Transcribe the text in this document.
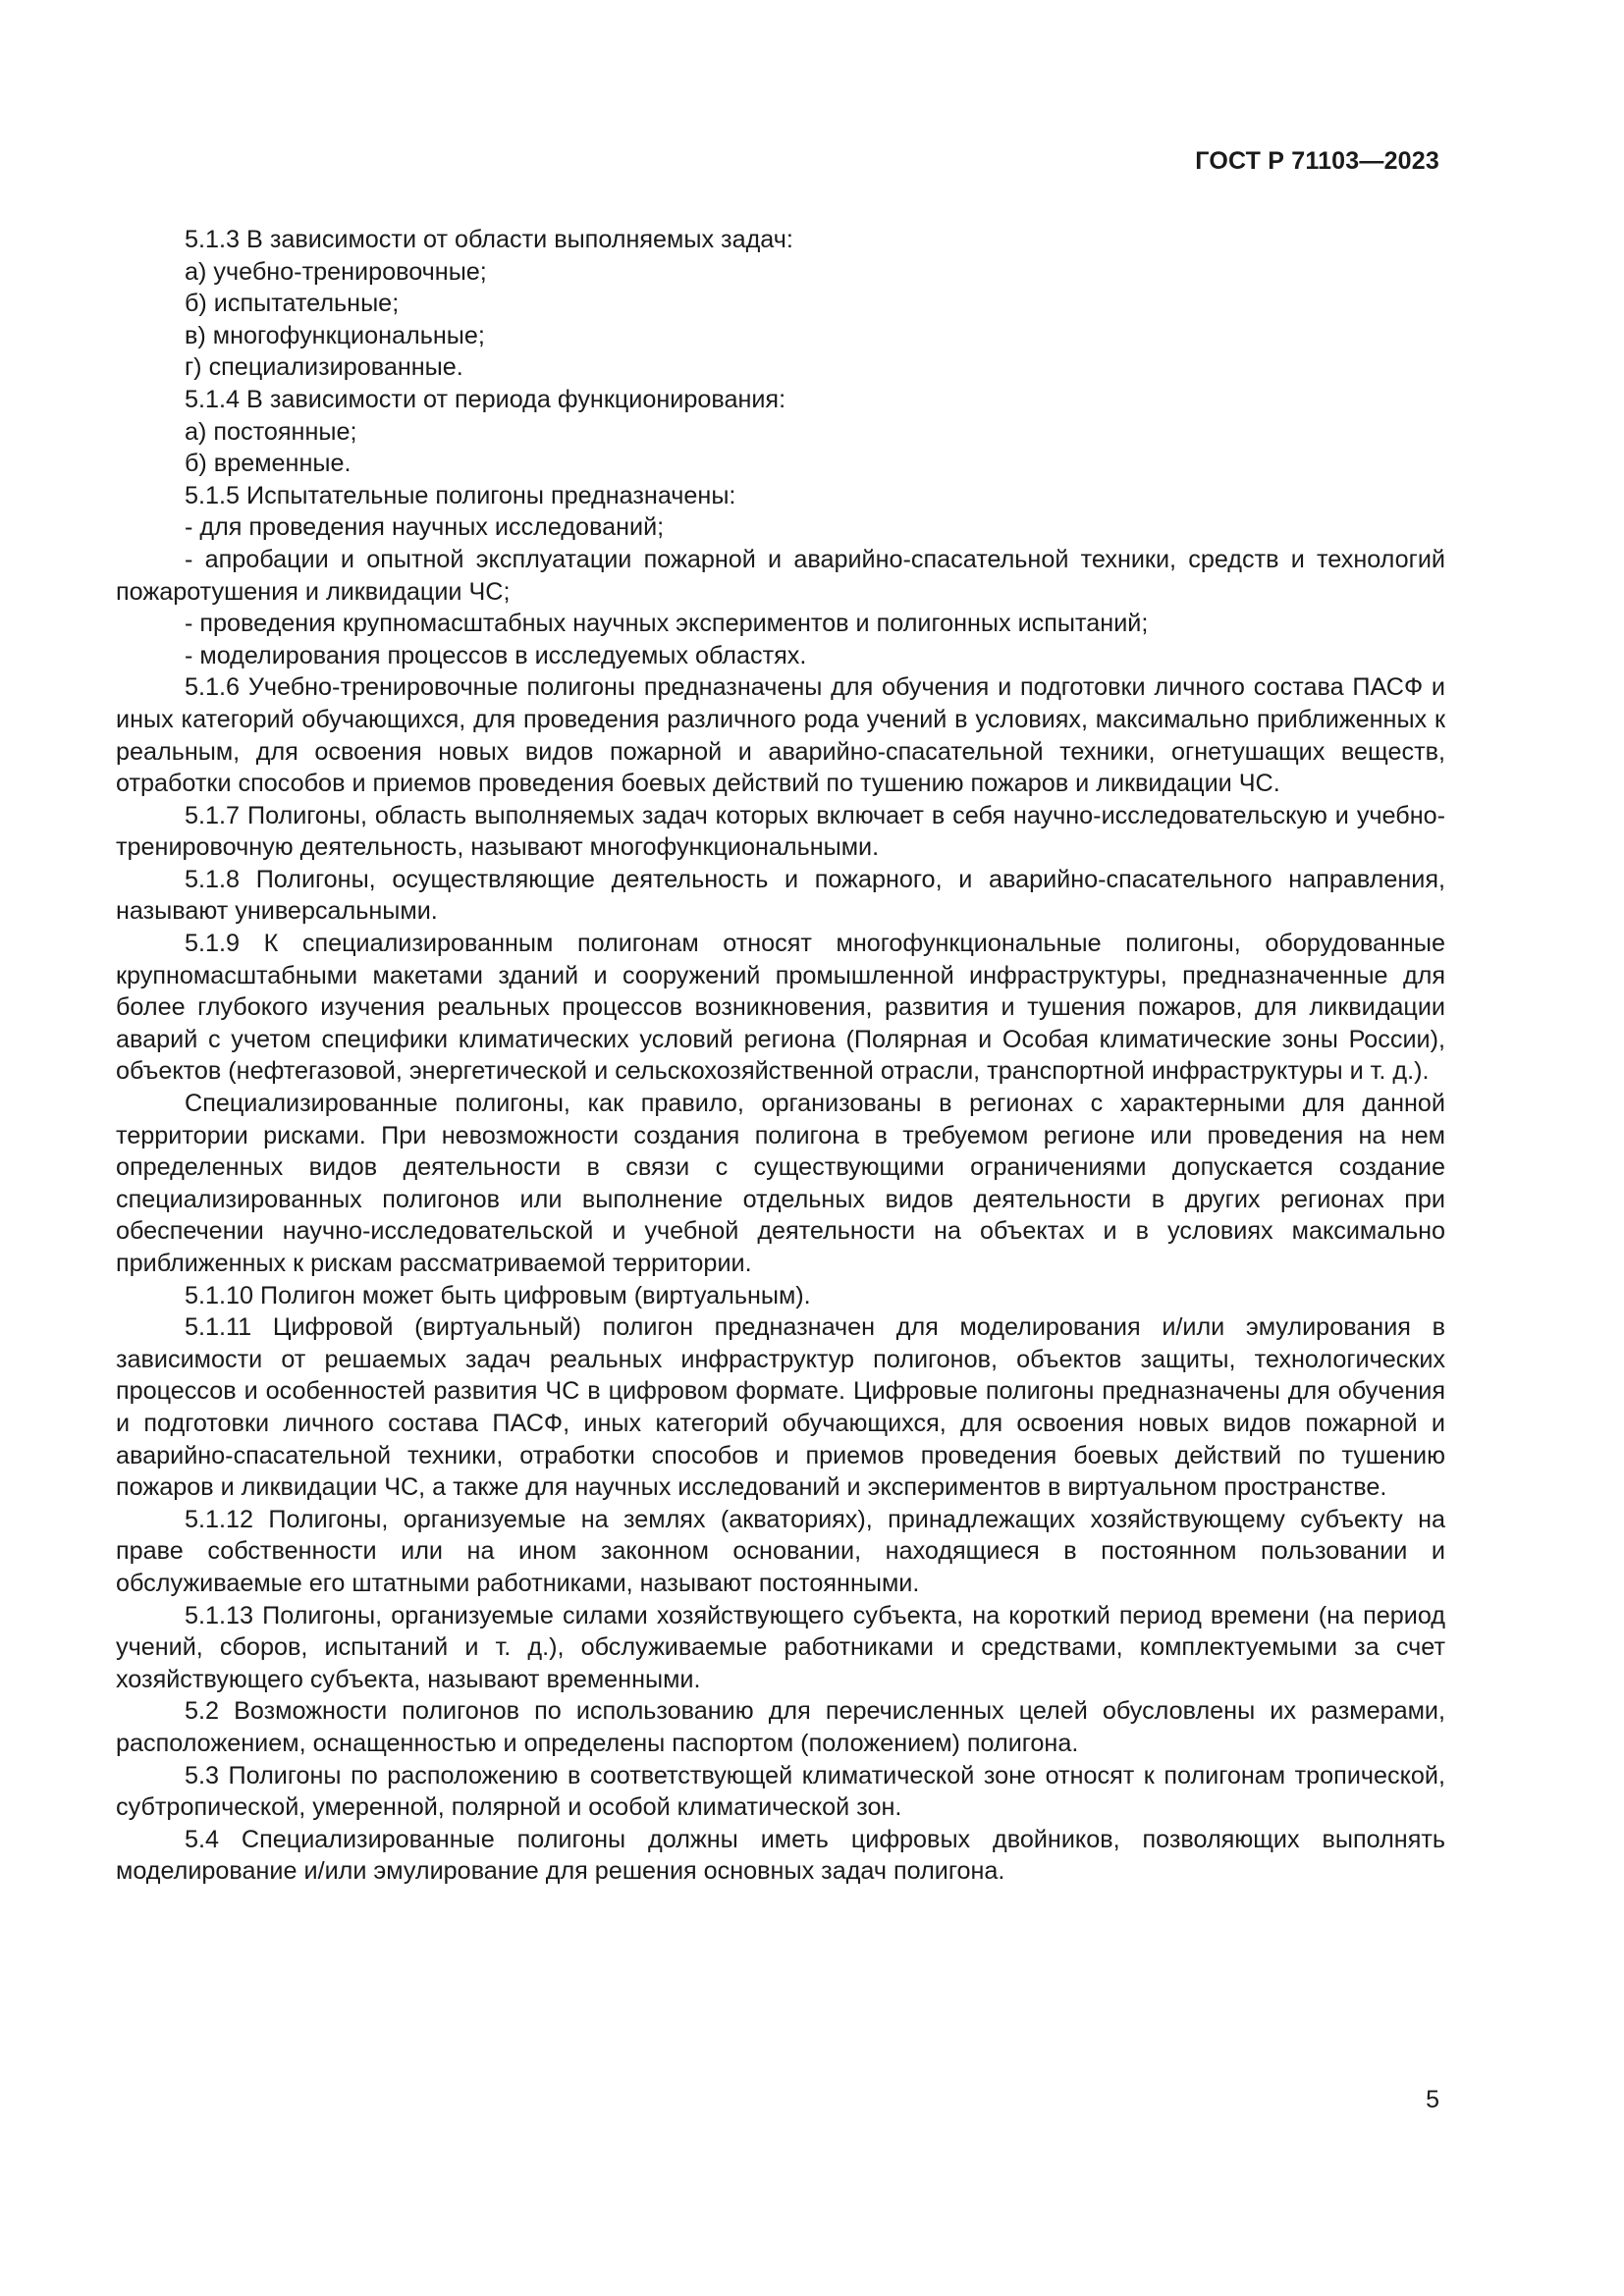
ГОСТ Р 71103—2023

5.1.3 В зависимости от области выполняемых задач:

а) учебно-тренировочные;

б) испытательные;

в) многофункциональные;

г) специализированные.

5.1.4 В зависимости от периода функционирования:

а) постоянные;

б) временные.

5.1.5 Испытательные полигоны предназначены:

- для проведения научных исследований;

- апробации и опытной эксплуатации пожарной и аварийно-спасательной техники, средств и технологий пожаротушения и ликвидации ЧС;

- проведения крупномасштабных научных экспериментов и полигонных испытаний;

- моделирования процессов в исследуемых областях.

5.1.6 Учебно-тренировочные полигоны предназначены для обучения и подготовки личного состава ПАСФ и иных категорий обучающихся, для проведения различного рода учений в условиях, максимально приближенных к реальным, для освоения новых видов пожарной и аварийно-спасательной техники, огнетушащих веществ, отработки способов и приемов проведения боевых действий по тушению пожаров и ликвидации ЧС.

5.1.7 Полигоны, область выполняемых задач которых включает в себя научно-исследовательскую и учебно-тренировочную деятельность, называют многофункциональными.

5.1.8 Полигоны, осуществляющие деятельность и пожарного, и аварийно-спасательного направления, называют универсальными.

5.1.9 К специализированным полигонам относят многофункциональные полигоны, оборудованные крупномасштабными макетами зданий и сооружений промышленной инфраструктуры, предназначенные для более глубокого изучения реальных процессов возникновения, развития и тушения пожаров, для ликвидации аварий с учетом специфики климатических условий региона (Полярная и Особая климатические зоны России), объектов (нефтегазовой, энергетической и сельскохозяйственной отрасли, транспортной инфраструктуры и т. д.).

Специализированные полигоны, как правило, организованы в регионах с характерными для данной территории рисками. При невозможности создания полигона в требуемом регионе или проведения на нем определенных видов деятельности в связи с существующими ограничениями допускается создание специализированных полигонов или выполнение отдельных видов деятельности в других регионах при обеспечении научно-исследовательской и учебной деятельности на объектах и в условиях максимально приближенных к рискам рассматриваемой территории.

5.1.10 Полигон может быть цифровым (виртуальным).

5.1.11 Цифровой (виртуальный) полигон предназначен для моделирования и/или эмулирования в зависимости от решаемых задач реальных инфраструктур полигонов, объектов защиты, технологических процессов и особенностей развития ЧС в цифровом формате. Цифровые полигоны предназначены для обучения и подготовки личного состава ПАСФ, иных категорий обучающихся, для освоения новых видов пожарной и аварийно-спасательной техники, отработки способов и приемов проведения боевых действий по тушению пожаров и ликвидации ЧС, а также для научных исследований и экспериментов в виртуальном пространстве.

5.1.12 Полигоны, организуемые на землях (акваториях), принадлежащих хозяйствующему субъекту на праве собственности или на ином законном основании, находящиеся в постоянном пользовании и обслуживаемые его штатными работниками, называют постоянными.

5.1.13 Полигоны, организуемые силами хозяйствующего субъекта, на короткий период времени (на период учений, сборов, испытаний и т. д.), обслуживаемые работниками и средствами, комплектуемыми за счет хозяйствующего субъекта, называют временными.

5.2 Возможности полигонов по использованию для перечисленных целей обусловлены их размерами, расположением, оснащенностью и определены паспортом (положением) полигона.

5.3 Полигоны по расположению в соответствующей климатической зоне относят к полигонам тропической, субтропической, умеренной, полярной и особой климатической зон.

5.4 Специализированные полигоны должны иметь цифровых двойников, позволяющих выполнять моделирование и/или эмулирование для решения основных задач полигона.

5
